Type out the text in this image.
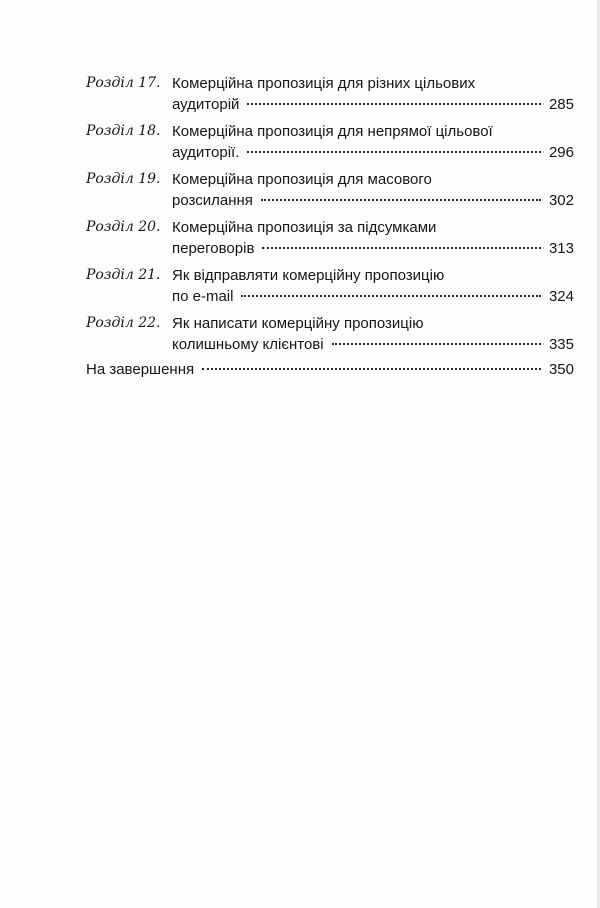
Розділ 17. Комерційна пропозиція для різних цільових
аудиторій	285
Розділ 18. Комерційна пропозиція для непрямої цільової
аудиторії.	296
Розділ 19. Комерційна пропозиція для масового
розсилання	302
Розділ 20. Комерційна пропозиція за підсумками
переговорів	313
Розділ 21. Як відправляти комерційну пропозицію
по e-mail	324
Розділ 22. Як написати комерційну пропозицію
колишньому клієнтові	335
На завершення	350
